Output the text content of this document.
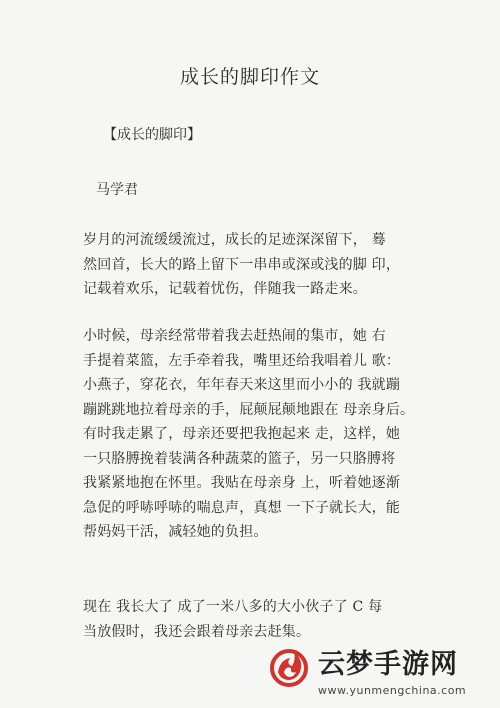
成长的脚印作文
【成长的脚印】
马学君
岁月的河流缓缓流过，成长的足迹深深留下， 蓦
然回首，长大的路上留下一串串或深或浅的脚 印，
记载着欢乐，记载着忧伤，伴随我一路走来。
小时候，母亲经常带着我去赶热闹的集市，她 右
手提着菜篮，左手牵着我，嘴里还给我唱着儿 歌：
小燕子，穿花衣，年年春天来这里而小小的 我就蹦
蹦跳跳地拉着母亲的手，屁颠屁颠地跟在 母亲身后。
有时我走累了，母亲还要把我抱起来 走，这样，她
一只胳膊挽着装满各种蔬菜的篮子，另一只胳膊将
我紧紧地抱在怀里。我贴在母亲身 上，听着她逐渐
急促的呼哧呼哧的喘息声，真想 一下子就长大，能
帮妈妈干活，减轻她的负担。
现在 我长大了 成了一米八多的大小伙子了 C 每
当放假时，我还会跟着母亲去赶集。
云梦手游网
www.yunmengchina.com
